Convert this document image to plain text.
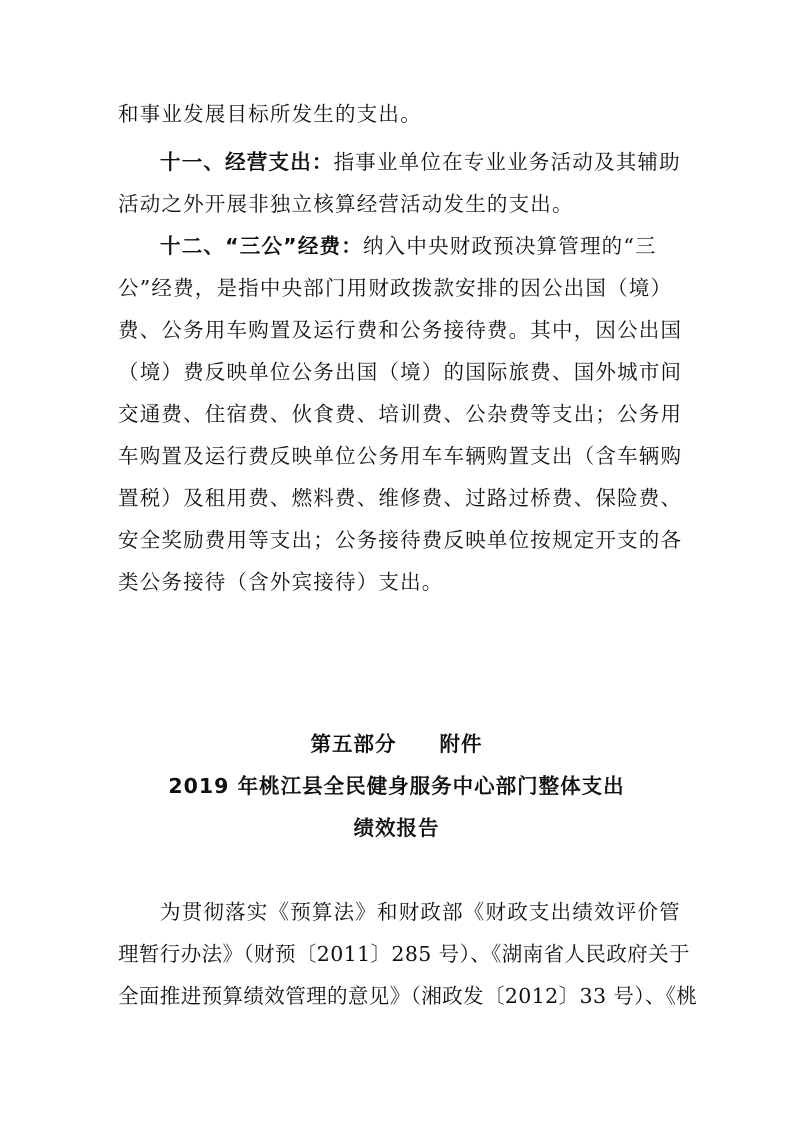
和事业发展目标所发生的支出。
十一、经营支出：指事业单位在专业业务活动及其辅助
活动之外开展非独立核算经营活动发生的支出。
十二、“三公”经费：纳入中央财政预决算管理的“三
公”经费，是指中央部门用财政拨款安排的因公出国（境）
费、公务用车购置及运行费和公务接待费。其中，因公出国
（境）费反映单位公务出国（境）的国际旅费、国外城市间
交通费、住宿费、伙食费、培训费、公杂费等支出；公务用
车购置及运行费反映单位公务用车车辆购置支出（含车辆购
置税）及租用费、燃料费、维修费、过路过桥费、保险费、
安全奖励费用等支出；公务接待费反映单位按规定开支的各
类公务接待（含外宾接待）支出。
第五部分　　附件
2019 年桃江县全民健身服务中心部门整体支出
绩效报告
为贯彻落实《预算法》和财政部《财政支出绩效评价管
理暂行办法》（财预〔2011〕285 号）、《湖南省人民政府关于
全面推进预算绩效管理的意见》（湘政发〔2012〕33 号）、《桃
